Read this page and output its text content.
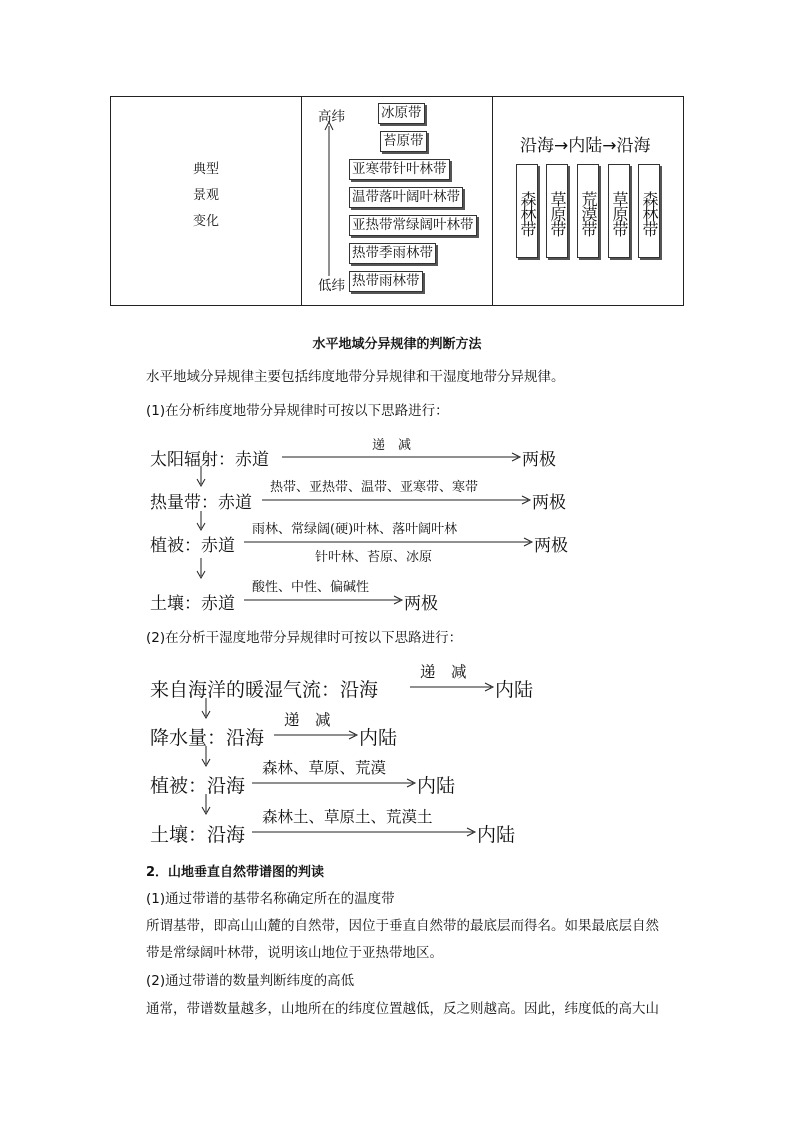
典型
景观
变化
高纬
低纬
冰原带
苔原带
亚寒带针叶林带
温带落叶阔叶林带
亚热带常绿阔叶林带
热带季雨林带
热带雨林带
沿海→内陆→沿海
森林带 草原带 荒漠带 草原带 森林带
水平地域分异规律的判断方法
水平地域分异规律主要包括纬度地带分异规律和干湿度地带分异规律。
(1)在分析纬度地带分异规律时可按以下思路进行：
太阳辐射：赤道
递　减
两极
热量带：赤道
热带、亚热带、温带、亚寒带、寒带
两极
植被：赤道
雨林、常绿阔(硬)叶林、落叶阔叶林
针叶林、苔原、冰原
两极
土壤：赤道
酸性、中性、偏碱性
两极
(2)在分析干湿度地带分异规律时可按以下思路进行：
来自海洋的暖湿气流：沿海
递　减
内陆
降水量：沿海
递　减
内陆
植被：沿海
森林、草原、荒漠
内陆
土壤：沿海
森林土、草原土、荒漠土
内陆
2．山地垂直自然带谱图的判读
(1)通过带谱的基带名称确定所在的温度带
所谓基带，即高山山麓的自然带，因位于垂直自然带的最底层而得名。如果最底层自然
带是常绿阔叶林带，说明该山地位于亚热带地区。
(2)通过带谱的数量判断纬度的高低
通常，带谱数量越多，山地所在的纬度位置越低，反之则越高。因此，纬度低的高大山
